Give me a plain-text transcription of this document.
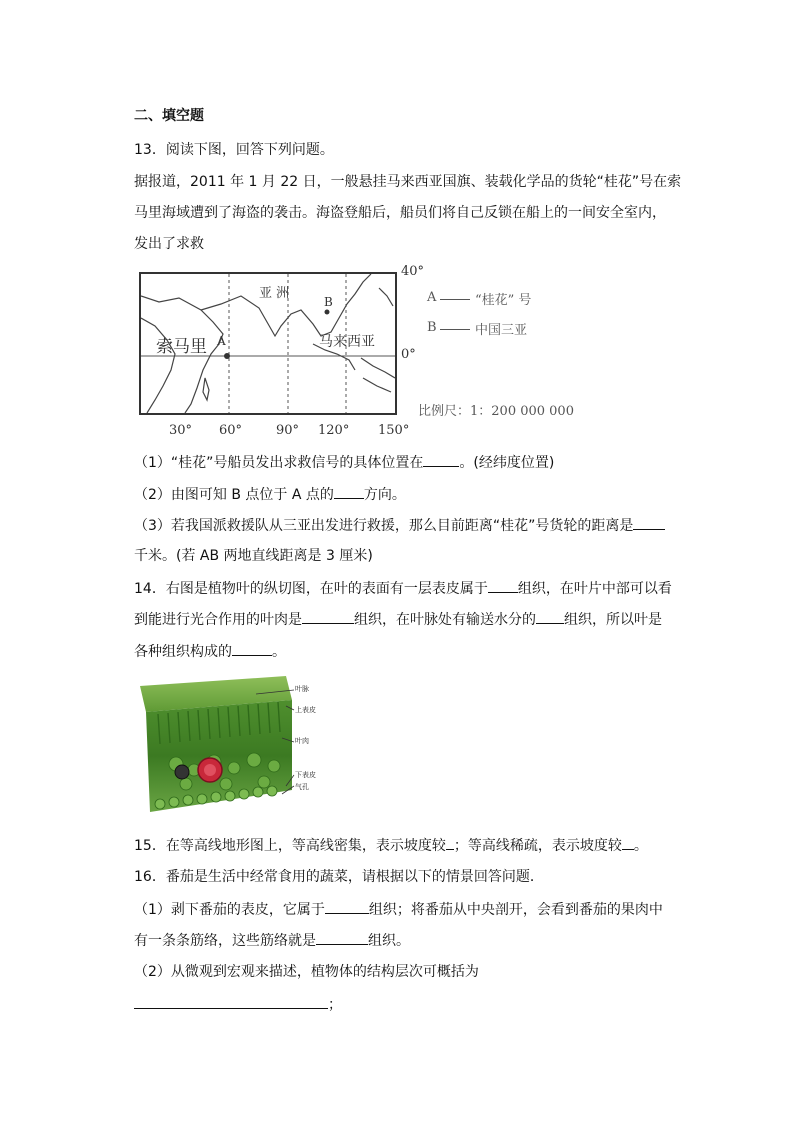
二、填空题
13．阅读下图，回答下列问题。
据报道，2011 年 1 月 22 日，一般悬挂马来西亚国旗、装载化学品的货轮“桂花”号在索
马里海域遭到了海盗的袭击。海盗登船后，船员们将自己反锁在船上的一间安全室内，
发出了求救
亚 洲
B
A
索马里	马来西亚
40°
0°
30° 60°	90° 120° 150°
A	“桂花” 号
B	中国三亚
比例尺：1：200 000 000
（1）“桂花”号船员发出求救信号的具体位置在	。(经纬度位置)
（2）由图可知 B 点位于 A 点的 方向。
（3）若我国派救援队从三亚出发进行救援，那么目前距离“桂花”号货轮的距离是
千米。(若 AB 两地直线距离是 3 厘米)
14．右图是植物叶的纵切图，在叶的表面有一层表皮属于 组织，在叶片中部可以看
到能进行光合作用的叶肉是	组织，在叶脉处有输送水分的 组织，所以叶是
各种组织构成的	。
叶脉
上表皮
叶肉
下表皮
气孔
15．在等高线地形图上，等高线密集，表示坡度较 ；等高线稀疏，表示坡度较 。
16．番茄是生活中经常食用的蔬菜，请根据以下的情景回答问题．
（1）剥下番茄的表皮，它属于	组织；将番茄从中央剖开，会看到番茄的果肉中
有一条条筋络，这些筋络就是	组织。
（2）从微观到宏观来描述，植物体的结构层次可概括为
；
